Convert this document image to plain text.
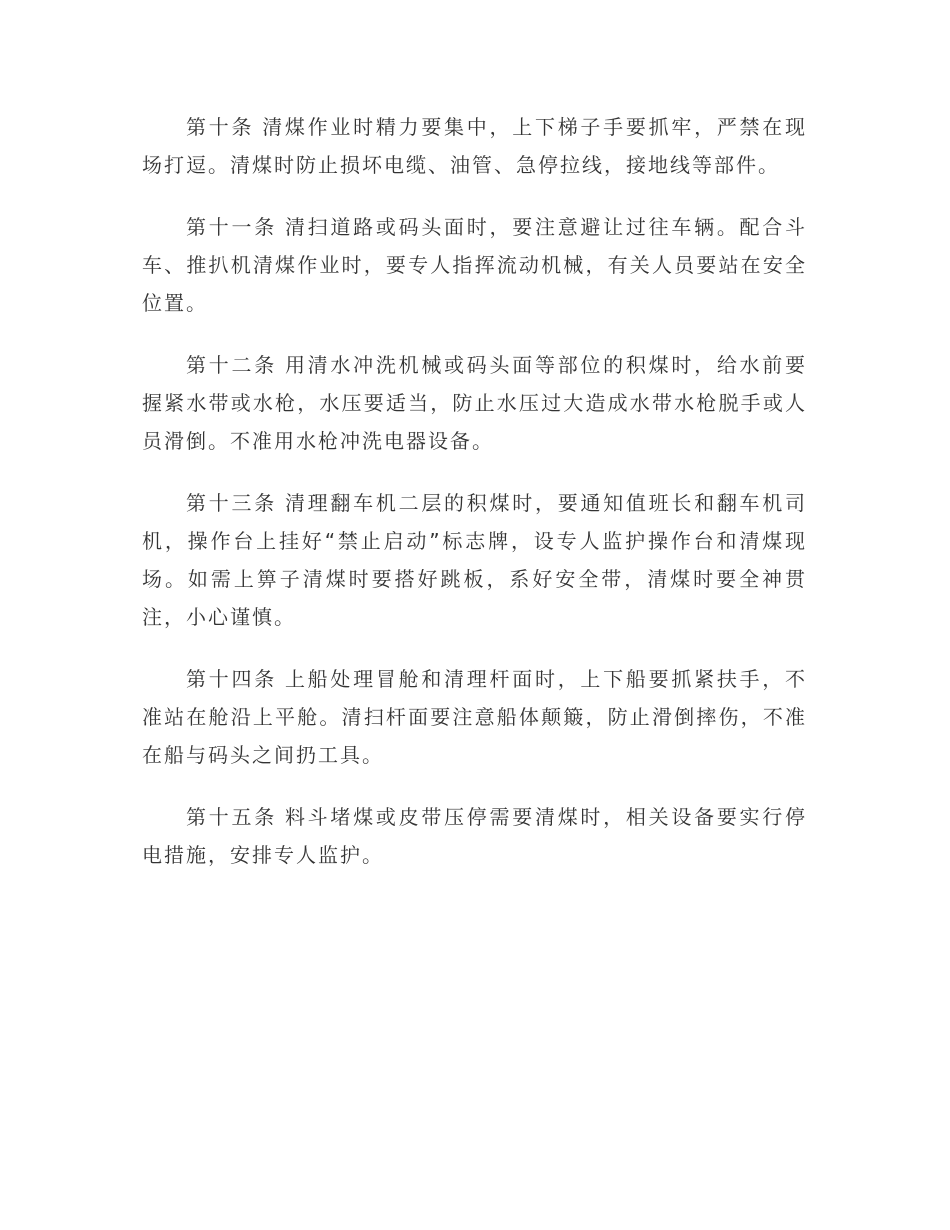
第十条 清煤作业时精力要集中，上下梯子手要抓牢，严禁在现场打逗。清煤时防止损坏电缆、油管、急停拉线，接地线等部件。

第十一条 清扫道路或码头面时，要注意避让过往车辆。配合斗车、推扒机清煤作业时，要专人指挥流动机械，有关人员要站在安全位置。

第十二条 用清水冲洗机械或码头面等部位的积煤时，给水前要握紧水带或水枪，水压要适当，防止水压过大造成水带水枪脱手或人员滑倒。不准用水枪冲洗电器设备。

第十三条 清理翻车机二层的积煤时，要通知值班长和翻车机司机，操作台上挂好“禁止启动”标志牌，设专人监护操作台和清煤现场。如需上箅子清煤时要搭好跳板，系好安全带，清煤时要全神贯注，小心谨慎。

第十四条 上船处理冒舱和清理杆面时，上下船要抓紧扶手，不准站在舱沿上平舱。清扫杆面要注意船体颠簸，防止滑倒摔伤，不准在船与码头之间扔工具。

第十五条 料斗堵煤或皮带压停需要清煤时，相关设备要实行停电措施，安排专人监护。
